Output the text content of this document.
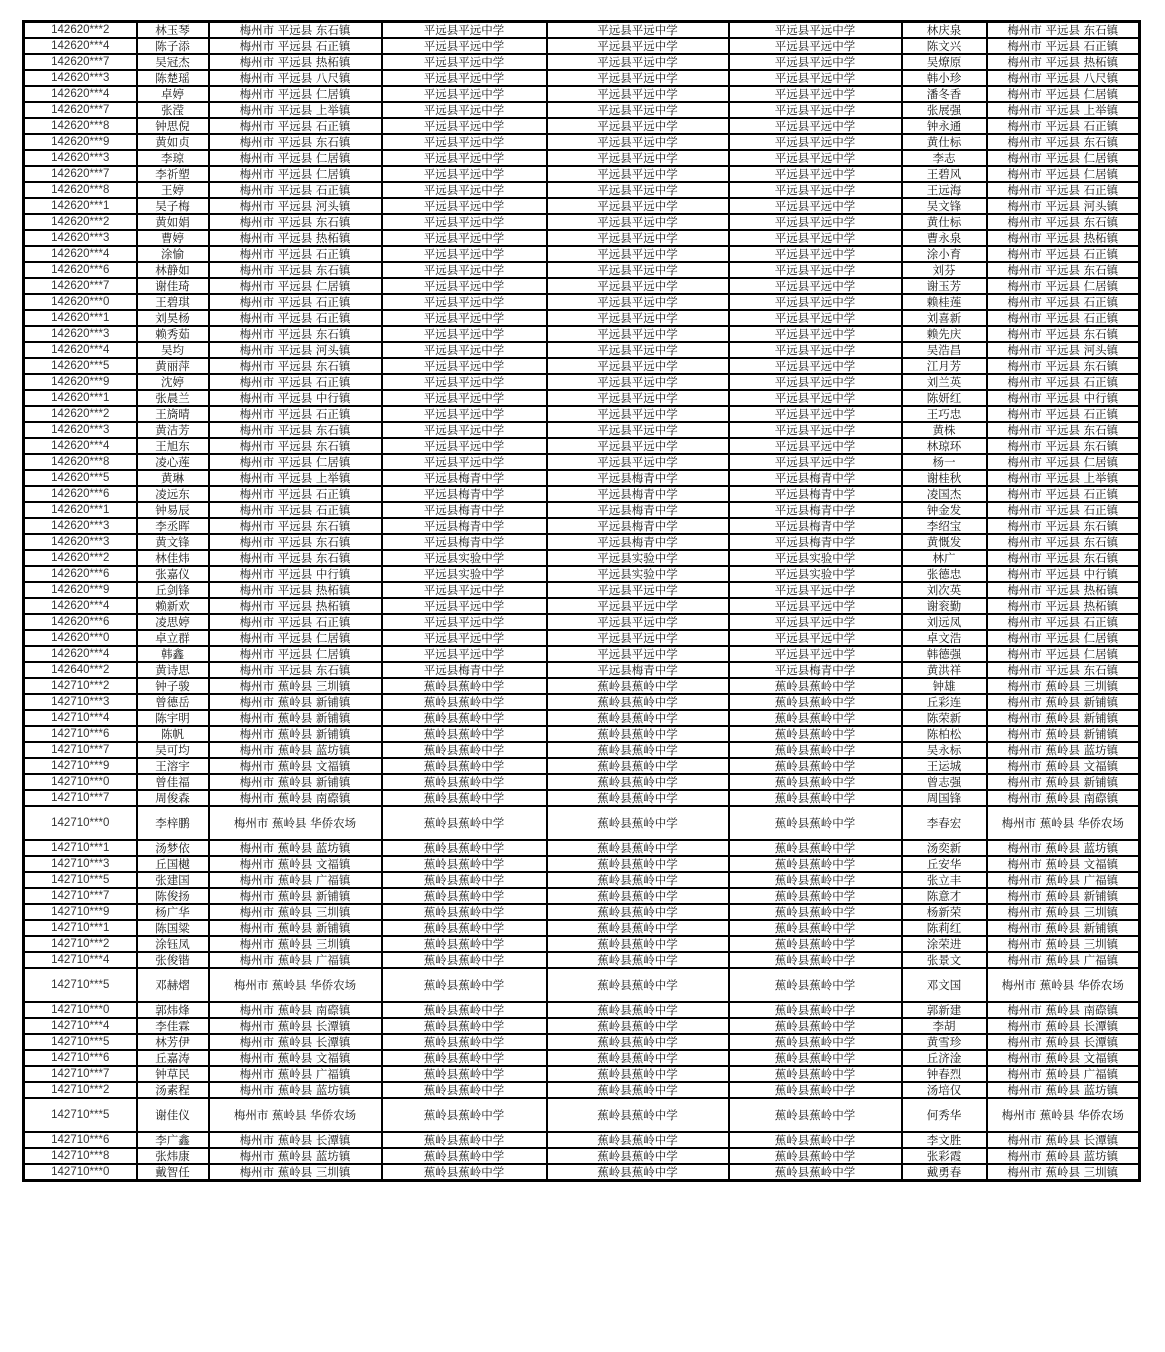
142620***2	林玉琴	梅州市 平远县 东石镇	平远县平远中学	平远县平远中学	平远县平远中学	林庆泉	梅州市 平远县 东石镇
142620***4	陈子添	梅州市 平远县 石正镇	平远县平远中学	平远县平远中学	平远县平远中学	陈文兴	梅州市 平远县 石正镇
142620***7	吴冠杰	梅州市 平远县 热柘镇	平远县平远中学	平远县平远中学	平远县平远中学	吴燎原	梅州市 平远县 热柘镇
142620***3	陈楚瑶	梅州市 平远县 八尺镇	平远县平远中学	平远县平远中学	平远县平远中学	韩小珍	梅州市 平远县 八尺镇
142620***4	卓婷	梅州市 平远县 仁居镇	平远县平远中学	平远县平远中学	平远县平远中学	潘冬香	梅州市 平远县 仁居镇
142620***7	张滢	梅州市 平远县 上举镇	平远县平远中学	平远县平远中学	平远县平远中学	张展强	梅州市 平远县 上举镇
142620***8	钟思倪	梅州市 平远县 石正镇	平远县平远中学	平远县平远中学	平远县平远中学	钟永通	梅州市 平远县 石正镇
142620***9	黄如贞	梅州市 平远县 东石镇	平远县平远中学	平远县平远中学	平远县平远中学	黄仕标	梅州市 平远县 东石镇
142620***3	李琼	梅州市 平远县 仁居镇	平远县平远中学	平远县平远中学	平远县平远中学	李志	梅州市 平远县 仁居镇
142620***7	李祈塑	梅州市 平远县 仁居镇	平远县平远中学	平远县平远中学	平远县平远中学	王碧风	梅州市 平远县 仁居镇
142620***8	王婷	梅州市 平远县 石正镇	平远县平远中学	平远县平远中学	平远县平远中学	王远海	梅州市 平远县 石正镇
142620***1	吴子梅	梅州市 平远县 河头镇	平远县平远中学	平远县平远中学	平远县平远中学	吴文锋	梅州市 平远县 河头镇
142620***2	黄如娟	梅州市 平远县 东石镇	平远县平远中学	平远县平远中学	平远县平远中学	黄仕标	梅州市 平远县 东石镇
142620***3	曹婷	梅州市 平远县 热柘镇	平远县平远中学	平远县平远中学	平远县平远中学	曹永泉	梅州市 平远县 热柘镇
142620***4	涂愉	梅州市 平远县 石正镇	平远县平远中学	平远县平远中学	平远县平远中学	涂小育	梅州市 平远县 石正镇
142620***6	林静如	梅州市 平远县 东石镇	平远县平远中学	平远县平远中学	平远县平远中学	刘芬	梅州市 平远县 东石镇
142620***7	谢佳琦	梅州市 平远县 仁居镇	平远县平远中学	平远县平远中学	平远县平远中学	谢玉芳	梅州市 平远县 仁居镇
142620***0	王碧琪	梅州市 平远县 石正镇	平远县平远中学	平远县平远中学	平远县平远中学	赖桂莲	梅州市 平远县 石正镇
142620***1	刘昊杨	梅州市 平远县 石正镇	平远县平远中学	平远县平远中学	平远县平远中学	刘喜新	梅州市 平远县 石正镇
142620***3	赖秀茹	梅州市 平远县 东石镇	平远县平远中学	平远县平远中学	平远县平远中学	赖先庆	梅州市 平远县 东石镇
142620***4	吴均	梅州市 平远县 河头镇	平远县平远中学	平远县平远中学	平远县平远中学	吴浩昌	梅州市 平远县 河头镇
142620***5	黄丽萍	梅州市 平远县 东石镇	平远县平远中学	平远县平远中学	平远县平远中学	江月芳	梅州市 平远县 东石镇
142620***9	沈婷	梅州市 平远县 石正镇	平远县平远中学	平远县平远中学	平远县平远中学	刘兰英	梅州市 平远县 石正镇
142620***1	张晨兰	梅州市 平远县 中行镇	平远县平远中学	平远县平远中学	平远县平远中学	陈妍红	梅州市 平远县 中行镇
142620***2	王旖晴	梅州市 平远县 石正镇	平远县平远中学	平远县平远中学	平远县平远中学	王巧忠	梅州市 平远县 石正镇
142620***3	黄洁芳	梅州市 平远县 东石镇	平远县平远中学	平远县平远中学	平远县平远中学	黄株	梅州市 平远县 东石镇
142620***4	王旭东	梅州市 平远县 东石镇	平远县平远中学	平远县平远中学	平远县平远中学	林琼环	梅州市 平远县 东石镇
142620***8	凌心莲	梅州市 平远县 仁居镇	平远县平远中学	平远县平远中学	平远县平远中学	杨一	梅州市 平远县 仁居镇
142620***5	黄琳	梅州市 平远县 上举镇	平远县梅青中学	平远县梅青中学	平远县梅青中学	谢桂秋	梅州市 平远县 上举镇
142620***6	凌远东	梅州市 平远县 石正镇	平远县梅青中学	平远县梅青中学	平远县梅青中学	凌国杰	梅州市 平远县 石正镇
142620***1	钟易辰	梅州市 平远县 石正镇	平远县梅青中学	平远县梅青中学	平远县梅青中学	钟金发	梅州市 平远县 石正镇
142620***3	李丞晖	梅州市 平远县 东石镇	平远县梅青中学	平远县梅青中学	平远县梅青中学	李绍宝	梅州市 平远县 东石镇
142620***3	黄文锋	梅州市 平远县 东石镇	平远县梅青中学	平远县梅青中学	平远县梅青中学	黄慨发	梅州市 平远县 东石镇
142620***2	林佳炜	梅州市 平远县 东石镇	平远县实验中学	平远县实验中学	平远县实验中学	林广	梅州市 平远县 东石镇
142620***6	张嘉仪	梅州市 平远县 中行镇	平远县实验中学	平远县实验中学	平远县实验中学	张德忠	梅州市 平远县 中行镇
142620***9	丘剑锋	梅州市 平远县 热柘镇	平远县平远中学	平远县平远中学	平远县平远中学	刘次英	梅州市 平远县 热柘镇
142620***4	赖新欢	梅州市 平远县 热柘镇	平远县平远中学	平远县平远中学	平远县平远中学	谢衮勤	梅州市 平远县 热柘镇
142620***6	凌思婷	梅州市 平远县 石正镇	平远县平远中学	平远县平远中学	平远县平远中学	刘远凤	梅州市 平远县 石正镇
142620***0	卓立群	梅州市 平远县 仁居镇	平远县平远中学	平远县平远中学	平远县平远中学	卓文浩	梅州市 平远县 仁居镇
142620***4	韩鑫	梅州市 平远县 仁居镇	平远县平远中学	平远县平远中学	平远县平远中学	韩德强	梅州市 平远县 仁居镇
142640***2	黄诗思	梅州市 平远县 东石镇	平远县梅青中学	平远县梅青中学	平远县梅青中学	黄洪祥	梅州市 平远县 东石镇
142710***2	钟子骏	梅州市 蕉岭县 三圳镇	蕉岭县蕉岭中学	蕉岭县蕉岭中学	蕉岭县蕉岭中学	钟雄	梅州市 蕉岭县 三圳镇
142710***3	曾德岳	梅州市 蕉岭县 新铺镇	蕉岭县蕉岭中学	蕉岭县蕉岭中学	蕉岭县蕉岭中学	丘彩连	梅州市 蕉岭县 新铺镇
142710***4	陈宇明	梅州市 蕉岭县 新铺镇	蕉岭县蕉岭中学	蕉岭县蕉岭中学	蕉岭县蕉岭中学	陈荣新	梅州市 蕉岭县 新铺镇
142710***6	陈帆	梅州市 蕉岭县 新铺镇	蕉岭县蕉岭中学	蕉岭县蕉岭中学	蕉岭县蕉岭中学	陈柏松	梅州市 蕉岭县 新铺镇
142710***7	吴可均	梅州市 蕉岭县 蓝坊镇	蕉岭县蕉岭中学	蕉岭县蕉岭中学	蕉岭县蕉岭中学	吴永标	梅州市 蕉岭县 蓝坊镇
142710***9	王溶宇	梅州市 蕉岭县 文福镇	蕉岭县蕉岭中学	蕉岭县蕉岭中学	蕉岭县蕉岭中学	王运城	梅州市 蕉岭县 文福镇
142710***0	曾佳福	梅州市 蕉岭县 新铺镇	蕉岭县蕉岭中学	蕉岭县蕉岭中学	蕉岭县蕉岭中学	曾志强	梅州市 蕉岭县 新铺镇
142710***7	周俊森	梅州市 蕉岭县 南磜镇	蕉岭县蕉岭中学	蕉岭县蕉岭中学	蕉岭县蕉岭中学	周国锋	梅州市 蕉岭县 南磜镇
142710***0	李梓鹏	梅州市 蕉岭县 华侨农场	蕉岭县蕉岭中学	蕉岭县蕉岭中学	蕉岭县蕉岭中学	李春宏	梅州市 蕉岭县 华侨农场
142710***1	汤梦依	梅州市 蕉岭县 蓝坊镇	蕉岭县蕉岭中学	蕉岭县蕉岭中学	蕉岭县蕉岭中学	汤奕新	梅州市 蕉岭县 蓝坊镇
142710***3	丘国樾	梅州市 蕉岭县 文福镇	蕉岭县蕉岭中学	蕉岭县蕉岭中学	蕉岭县蕉岭中学	丘安华	梅州市 蕉岭县 文福镇
142710***5	张建国	梅州市 蕉岭县 广福镇	蕉岭县蕉岭中学	蕉岭县蕉岭中学	蕉岭县蕉岭中学	张立丰	梅州市 蕉岭县 广福镇
142710***7	陈俊扬	梅州市 蕉岭县 新铺镇	蕉岭县蕉岭中学	蕉岭县蕉岭中学	蕉岭县蕉岭中学	陈意才	梅州市 蕉岭县 新铺镇
142710***9	杨广华	梅州市 蕉岭县 三圳镇	蕉岭县蕉岭中学	蕉岭县蕉岭中学	蕉岭县蕉岭中学	杨新荣	梅州市 蕉岭县 三圳镇
142710***1	陈国粱	梅州市 蕉岭县 新铺镇	蕉岭县蕉岭中学	蕉岭县蕉岭中学	蕉岭县蕉岭中学	陈莉红	梅州市 蕉岭县 新铺镇
142710***2	涂钰凤	梅州市 蕉岭县 三圳镇	蕉岭县蕉岭中学	蕉岭县蕉岭中学	蕉岭县蕉岭中学	涂荣进	梅州市 蕉岭县 三圳镇
142710***4	张俊锴	梅州市 蕉岭县 广福镇	蕉岭县蕉岭中学	蕉岭县蕉岭中学	蕉岭县蕉岭中学	张景文	梅州市 蕉岭县 广福镇
142710***5	邓赫熠	梅州市 蕉岭县 华侨农场	蕉岭县蕉岭中学	蕉岭县蕉岭中学	蕉岭县蕉岭中学	邓文国	梅州市 蕉岭县 华侨农场
142710***0	郭炜烽	梅州市 蕉岭县 南磜镇	蕉岭县蕉岭中学	蕉岭县蕉岭中学	蕉岭县蕉岭中学	郭新建	梅州市 蕉岭县 南磜镇
142710***4	李佳霖	梅州市 蕉岭县 长潭镇	蕉岭县蕉岭中学	蕉岭县蕉岭中学	蕉岭县蕉岭中学	李胡	梅州市 蕉岭县 长潭镇
142710***5	林芳伊	梅州市 蕉岭县 长潭镇	蕉岭县蕉岭中学	蕉岭县蕉岭中学	蕉岭县蕉岭中学	黄雪珍	梅州市 蕉岭县 长潭镇
142710***6	丘嘉涛	梅州市 蕉岭县 文福镇	蕉岭县蕉岭中学	蕉岭县蕉岭中学	蕉岭县蕉岭中学	丘济淦	梅州市 蕉岭县 文福镇
142710***7	钟草民	梅州市 蕉岭县 广福镇	蕉岭县蕉岭中学	蕉岭县蕉岭中学	蕉岭县蕉岭中学	钟春烈	梅州市 蕉岭县 广福镇
142710***2	汤素程	梅州市 蕉岭县 蓝坊镇	蕉岭县蕉岭中学	蕉岭县蕉岭中学	蕉岭县蕉岭中学	汤培仅	梅州市 蕉岭县 蓝坊镇
142710***5	谢佳仪	梅州市 蕉岭县 华侨农场	蕉岭县蕉岭中学	蕉岭县蕉岭中学	蕉岭县蕉岭中学	何秀华	梅州市 蕉岭县 华侨农场
142710***6	李广鑫	梅州市 蕉岭县 长潭镇	蕉岭县蕉岭中学	蕉岭县蕉岭中学	蕉岭县蕉岭中学	李文胜	梅州市 蕉岭县 长潭镇
142710***8	张炜康	梅州市 蕉岭县 蓝坊镇	蕉岭县蕉岭中学	蕉岭县蕉岭中学	蕉岭县蕉岭中学	张彩霞	梅州市 蕉岭县 蓝坊镇
142710***0	戴智任	梅州市 蕉岭县 三圳镇	蕉岭县蕉岭中学	蕉岭县蕉岭中学	蕉岭县蕉岭中学	戴勇春	梅州市 蕉岭县 三圳镇
